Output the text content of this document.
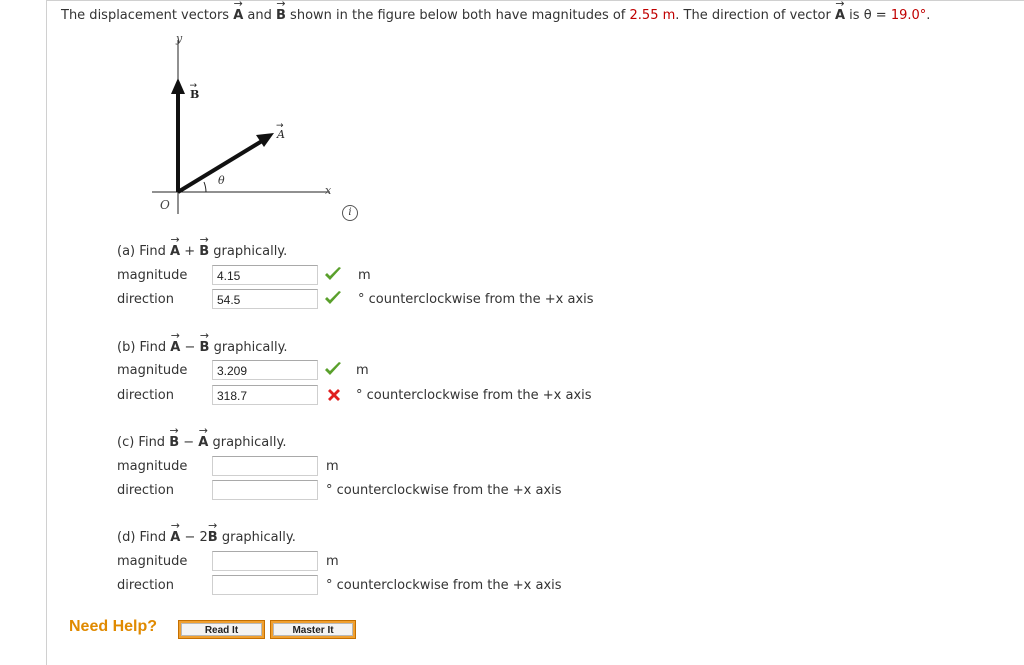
The displacement vectors → A and → B shown in the figure below both have magnitudes of 2.55 m. The direction of vector → A is θ = 19.0°.
y
x
O
θ
B
→
A
→
i
(a) Find → A + → B graphically.
magnitude	4.15	m
direction	54.5	° counterclockwise from the +x axis
(b) Find → A − → B graphically.
magnitude	3.209	m
direction	318.7	° counterclockwise from the +x axis
(c) Find → B − → A graphically.
magnitude	m
direction	° counterclockwise from the +x axis
(d) Find → A − 2→ B graphically.
magnitude	m
direction	° counterclockwise from the +x axis
Need Help?	Read It	Master It
